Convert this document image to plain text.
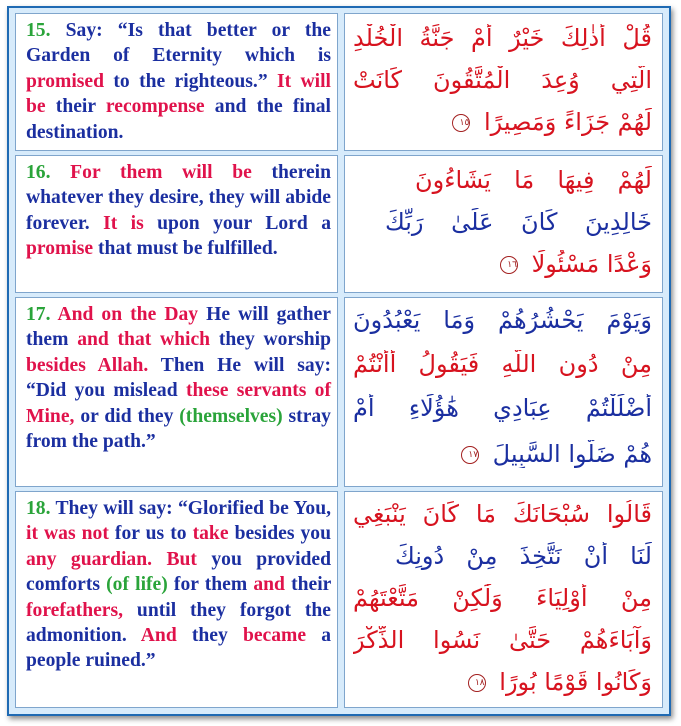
15. Say: “Is that better or the Garden of Eternity which is promised to the righteous.” It will be their recompense and the final destination.

قُلْ أَذٰلِكَ خَيْرٌ أَمْ جَنَّةُ الْخُلْدِ
الَّتِي وُعِدَ الْمُتَّقُونَ كَانَتْ
لَهُمْ جَزَاءً وَمَصِيرًا ١٥

16. For them will be therein whatever they desire, they will abide forever. It is upon your Lord a promise that must be fulfilled.

لَهُمْ فِيهَا مَا يَشَاءُونَ
خَالِدِينَ كَانَ عَلَىٰ رَبِّكَ
وَعْدًا مَسْئُولًا ١٦

17. And on the Day He will gather them and that which they worship besides Allah. Then He will say: “Did you mislead these servants of Mine, or did they (themselves) stray from the path.”

وَيَوْمَ يَحْشُرُهُمْ وَمَا يَعْبُدُونَ
مِنْ دُونِ اللَّهِ فَيَقُولُ أَأَنْتُمْ
أَضْلَلْتُمْ عِبَادِي هَٰؤُلَاءِ أَمْ
هُمْ ضَلُّوا السَّبِيلَ ١٧

18. They will say: “Glorified be You, it was not for us to take besides you any guardian. But you provided comforts (of life) for them and their forefathers, until they forgot the admonition. And they became a people ruined.”

قَالُوا سُبْحَانَكَ مَا كَانَ يَنْبَغِي
لَنَا أَنْ نَتَّخِذَ مِنْ دُونِكَ
مِنْ أَوْلِيَاءَ وَلَٰكِنْ مَتَّعْتَهُمْ
وَآبَاءَهُمْ حَتَّىٰ نَسُوا الذِّكْرَ
وَكَانُوا قَوْمًا بُورًا ١٨
